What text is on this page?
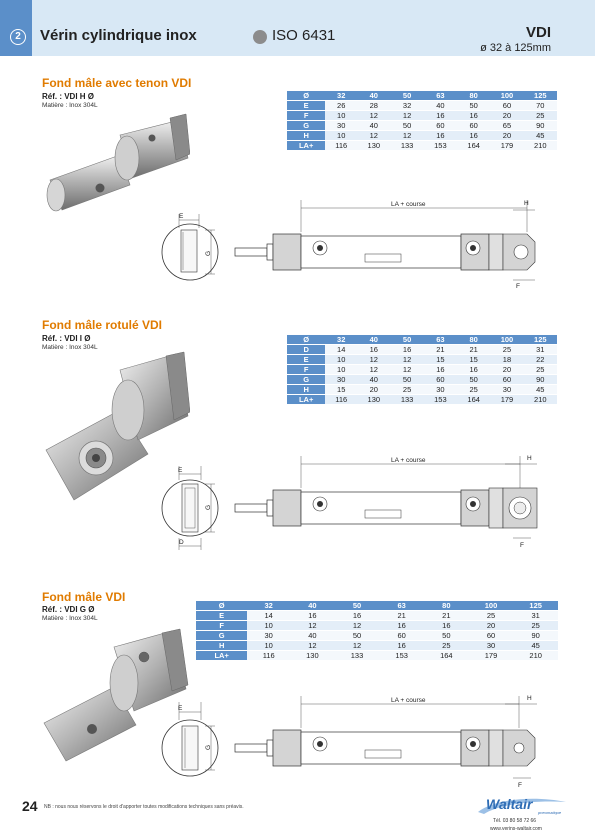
2	Vérin cylindrique inox	ISO 6431	VDI
ø 32 à 125mm
Fond mâle avec tenon VDI
Réf. : VDI H Ø
Matière : Inox 304L
Ø	32	40	50	63	80	100	125
E	26	28	32	40	50	60	70
F	10	12	12	16	16	20	25
G	30	40	50	60	60	65	90
H	10	12	12	16	16	20	45
LA+	116	130	133	153	164	179	210
E
G
LA + course	H
F
Fond mâle rotulé VDI
Réf. : VDI I Ø
Matière : Inox 304L
Ø	32	40	50	63	80	100	125
D	14	16	16	21	21	25	31
E	10	12	12	15	15	18	22
F	10	12	12	16	16	20	25
G	30	40	50	60	50	60	90
H	15	20	25	30	25	30	45
LA+	116	130	133	153	164	179	210
E
G
D
LA + course	H
F
Fond mâle VDI
Réf. : VDI G Ø
Matière : Inox 304L
Ø	32	40	50	63	80	100	125
E	14	16	16	21	21	25	31
F	10	12	12	16	16	20	25
G	30	40	50	60	50	60	90
H	10	12	12	16	25	30	45
LA+	116	130	133	153	164	179	210
E
G
LA + course	H
F
24 NB : nous nous réservons le droit d'apporter toutes modifications techniques sans préavis.	Waltair
pneumatique
Tél. 03 80 58 72 66
www.verins-waltair.com
